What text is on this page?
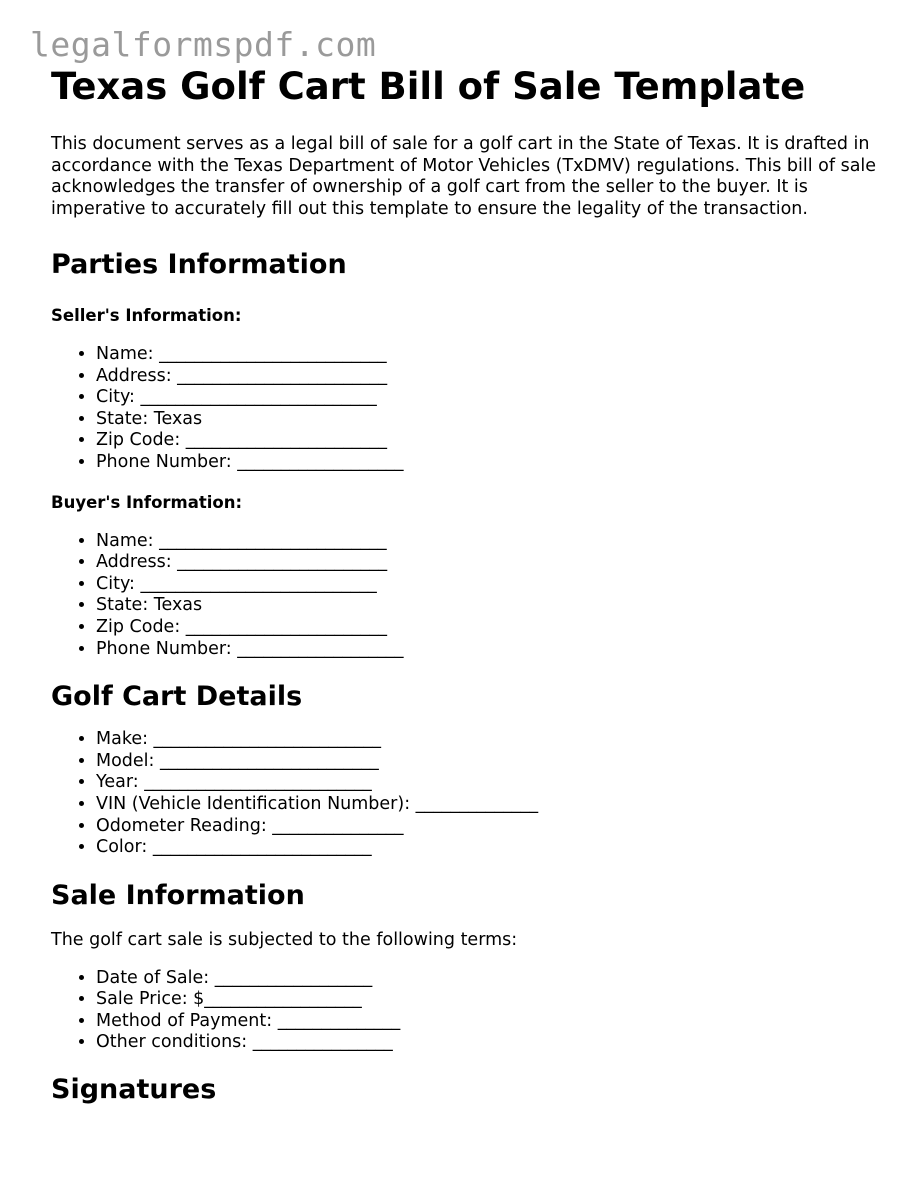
legalformspdf.com
Texas Golf Cart Bill of Sale Template

This document serves as a legal bill of sale for a golf cart in the State of Texas. It is drafted in accordance with the Texas Department of Motor Vehicles (TxDMV) regulations. This bill of sale acknowledges the transfer of ownership of a golf cart from the seller to the buyer. It is imperative to accurately fill out this template to ensure the legality of the transaction.

Parties Information
Seller's Information:
• Name: __________________________
• Address: ________________________
• City: ___________________________
• State: Texas
• Zip Code: _______________________
• Phone Number: ___________________
Buyer's Information:
• Name: __________________________
• Address: ________________________
• City: ___________________________
• State: Texas
• Zip Code: _______________________
• Phone Number: ___________________
Golf Cart Details
• Make: __________________________
• Model: _________________________
• Year: __________________________
• VIN (Vehicle Identification Number): ______________
• Odometer Reading: _______________
• Color: _________________________
Sale Information

The golf cart sale is subjected to the following terms:

• Date of Sale: __________________
• Sale Price: $__________________
• Method of Payment: ______________
• Other conditions: ________________
Signatures
